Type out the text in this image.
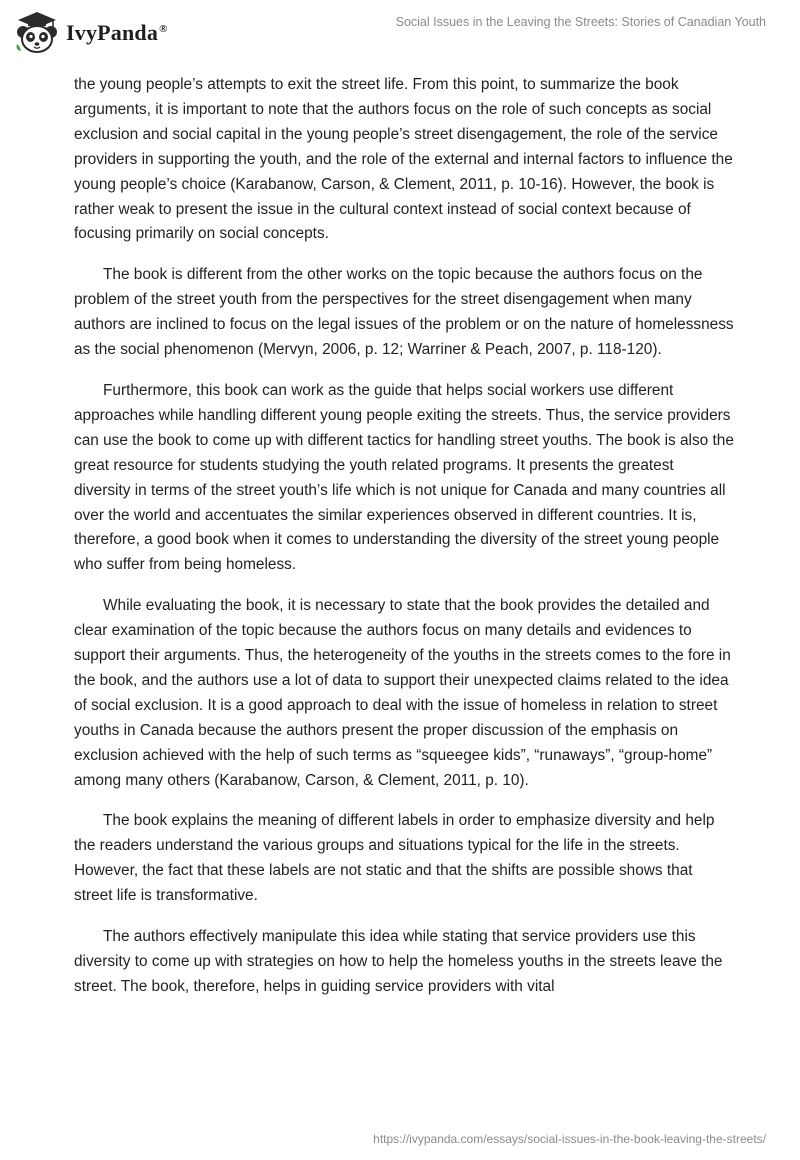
IvyPanda®	Social Issues in the Leaving the Streets: Stories of Canadian Youth

the young people’s attempts to exit the street life. From this point, to summarize the book arguments, it is important to note that the authors focus on the role of such concepts as social exclusion and social capital in the young people’s street disengagement, the role of the service providers in supporting the youth, and the role of the external and internal factors to influence the young people’s choice (Karabanow, Carson, & Clement, 2011, p. 10-16). However, the book is rather weak to present the issue in the cultural context instead of social context because of focusing primarily on social concepts.

The book is different from the other works on the topic because the authors focus on the problem of the street youth from the perspectives for the street disengagement when many authors are inclined to focus on the legal issues of the problem or on the nature of homelessness as the social phenomenon (Mervyn, 2006, p. 12; Warriner & Peach, 2007, p. 118-120).

Furthermore, this book can work as the guide that helps social workers use different approaches while handling different young people exiting the streets. Thus, the service providers can use the book to come up with different tactics for handling street youths. The book is also the great resource for students studying the youth related programs. It presents the greatest diversity in terms of the street youth’s life which is not unique for Canada and many countries all over the world and accentuates the similar experiences observed in different countries. It is, therefore, a good book when it comes to understanding the diversity of the street young people who suffer from being homeless.

While evaluating the book, it is necessary to state that the book provides the detailed and clear examination of the topic because the authors focus on many details and evidences to support their arguments. Thus, the heterogeneity of the youths in the streets comes to the fore in the book, and the authors use a lot of data to support their unexpected claims related to the idea of social exclusion. It is a good approach to deal with the issue of homeless in relation to street youths in Canada because the authors present the proper discussion of the emphasis on exclusion achieved with the help of such terms as “squeegee kids”, “runaways”, “group-home” among many others (Karabanow, Carson, & Clement, 2011, p. 10).

The book explains the meaning of different labels in order to emphasize diversity and help the readers understand the various groups and situations typical for the life in the streets. However, the fact that these labels are not static and that the shifts are possible shows that street life is transformative.

The authors effectively manipulate this idea while stating that service providers use this diversity to come up with strategies on how to help the homeless youths in the streets leave the street. The book, therefore, helps in guiding service providers with vital

https://ivypanda.com/essays/social-issues-in-the-book-leaving-the-streets/
